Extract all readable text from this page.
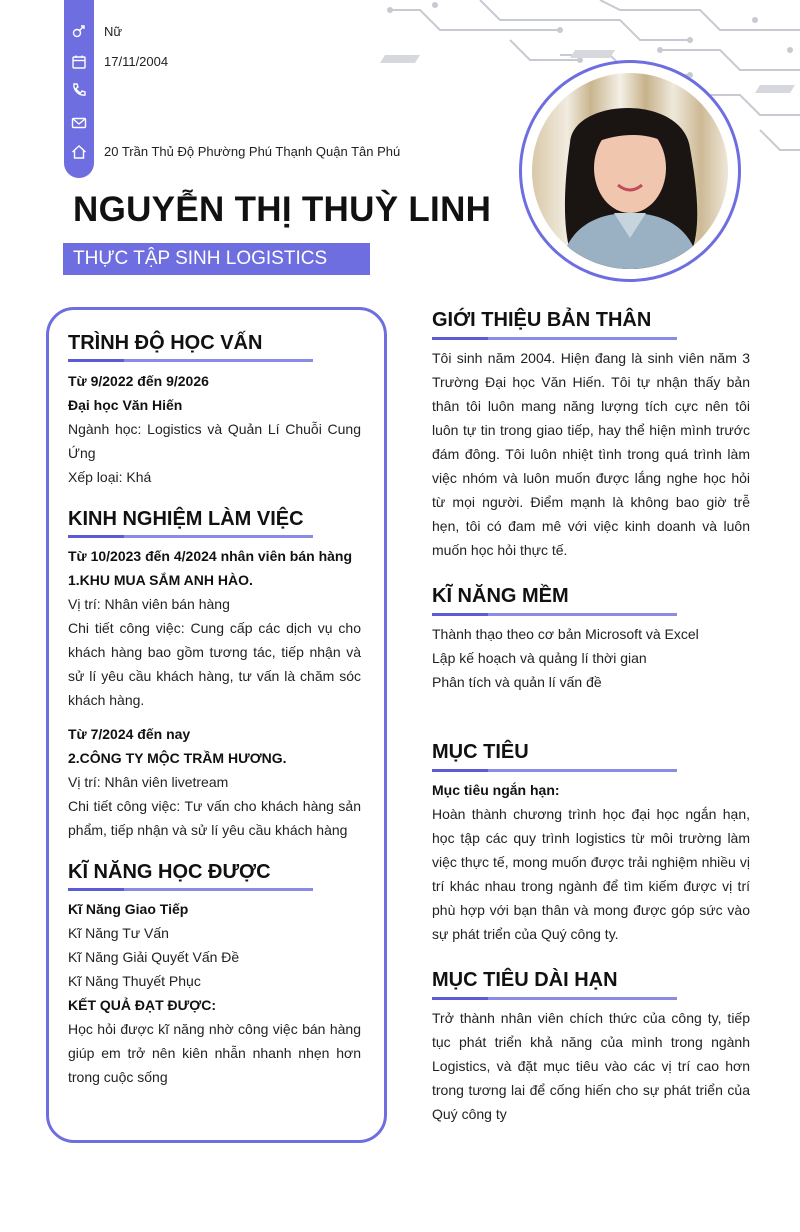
Nữ
17/11/2004
20 Trần Thủ Độ Phường Phú Thạnh Quận Tân Phú
NGUYỄN THỊ THUỲ LINH
THỰC TẬP SINH LOGISTICS
TRÌNH ĐỘ HỌC VẤN
Từ 9/2022 đến 9/2026
Đại học Văn Hiến
Ngành học: Logistics và Quản Lí Chuỗi Cung Ứng
Xếp loại: Khá
KINH NGHIỆM LÀM VIỆC
Từ 10/2023 đến 4/2024 nhân viên bán hàng
1.KHU MUA SẮM ANH HÀO.
Vị trí: Nhân viên bán hàng
Chi tiết công việc: Cung cấp các dịch vụ cho khách hàng bao gồm tương tác, tiếp nhận và sử lí yêu cầu khách hàng, tư vấn là chăm sóc khách hàng.
Từ 7/2024 đến nay
2.CÔNG TY MỘC TRẦM HƯƠNG.
Vị trí: Nhân viên livetream
Chi tiết công việc: Tư vấn cho khách hàng sản phẩm, tiếp nhận và sử lí yêu cầu khách hàng
KĨ NĂNG HỌC ĐƯỢC
Kĩ Năng Giao Tiếp
Kĩ Năng Tư Vấn
Kĩ Năng Giải Quyết Vấn Đề
Kĩ Năng Thuyết Phục
KẾT QUẢ ĐẠT ĐƯỢC:
Học hỏi được kĩ năng nhờ công việc bán hàng giúp em trở nên kiên nhẫn nhanh nhẹn hơn trong cuộc sống
GIỚI THIỆU BẢN THÂN
Tôi sinh năm 2004. Hiện đang là sinh viên năm 3 Trường Đại học Văn Hiến. Tôi tự nhận thấy bản thân tôi luôn mang năng lượng tích cực nên tôi luôn tự tin trong giao tiếp, hay thể hiện mình trước đám đông. Tôi luôn nhiệt tình trong quá trình làm việc nhóm và luôn muốn được lắng nghe học hỏi từ mọi người. Điểm mạnh là không bao giờ trễ hẹn, tôi có đam mê với việc kinh doanh và luôn muốn học hỏi thực tế.
KĨ NĂNG MỀM
Thành thạo theo cơ bản Microsoft và Excel
Lập kế hoạch và quảng lí thời gian
Phân tích và quản lí vấn đề
MỤC TIÊU
Mục tiêu ngắn hạn:
Hoàn thành chương trình học đại học ngắn hạn, học tập các quy trình logistics từ môi trường làm việc thực tế, mong muốn được trải nghiệm nhiều vị trí khác nhau trong ngành để tìm kiếm được vị trí phù hợp với bạn thân và mong được góp sức vào sự phát triển của Quý công ty.
MỤC TIÊU DÀI HẠN
Trở thành nhân viên chích thức của công ty, tiếp tục phát triển khả năng của mình trong ngành Logistics, và đặt mục tiêu vào các vị trí cao hơn trong tương lai để cống hiến cho sự phát triển của Quý công ty
